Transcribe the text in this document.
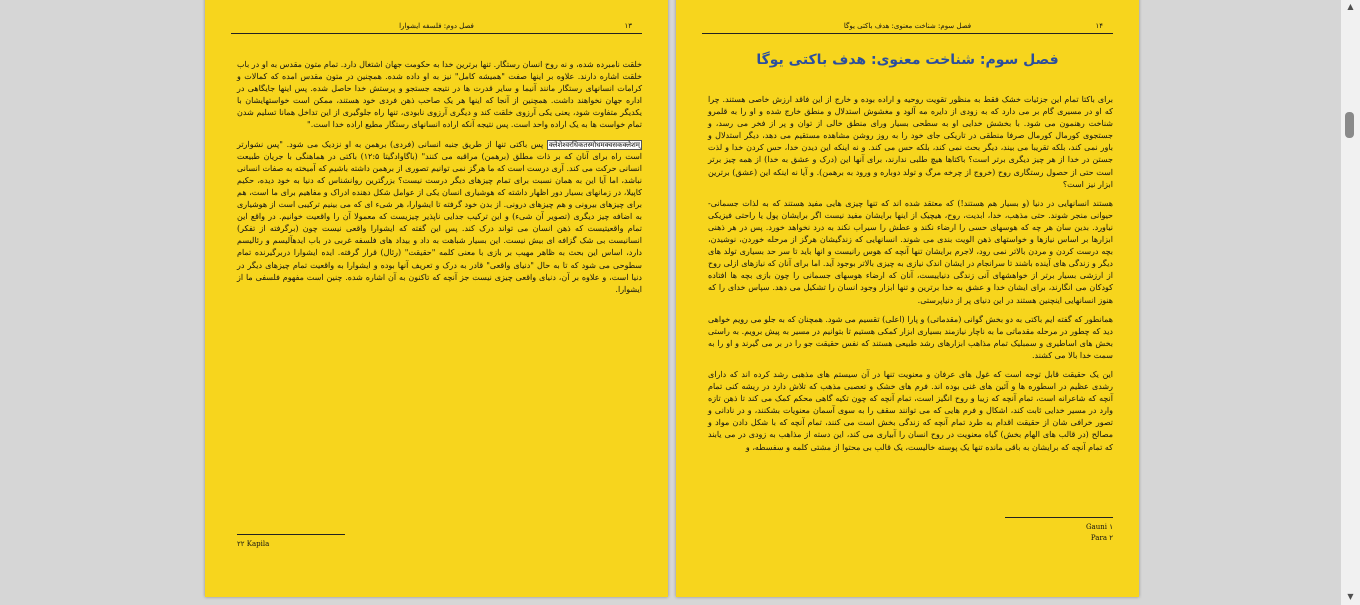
۱۳
فصل دوم: فلسفه ایشوارا

خلقت نامبرده شده، و نه روح انسان رستگار. تنها برترین خدا به حکومت جهان اشتغال دارد. تمام متون مقدس به او در باب خلقت اشاره دارند. علاوه بر اینها صفت "همیشه کامل" نیز به او داده شده. همچنین در متون مقدس امده که کمالات و کرامات انسانهای رستگار مانند آنیما و سایر قدرت ها در نتیجه جستجو و پرستش خدا حاصل شده. پس اینها جایگاهی در اداره جهان نخواهند داشت. همچنین از آنجا که اینها هر یک صاحب ذهن فردی خود هستند، ممکن است خواستهایشان با یکدیگر متفاوت شود، یعنی یکی آرزوی خلقت کند و دیگری آرزوی نابودی، تنها راه جلوگیری از این تداخل همانا تسلیم شدن تمام خواست ها به یک اراده واحد است. پس نتیجه آنکه اراده انسانهای رستگار مطیع اراده خدا است."

क्लेशेश्वरधिकतस्मोधमक्वसकक्लेशम् پس باکتی تنها از طریق جنبه انسانی (فردی) برهمن به او نزدیک می شود. "پس نشوارتر است راه برای آنان که بر ذات مطلق (برهمن) مراقبه می کنند" (باگاوادگیتا ۱۲:۵) باکتی در هماهنگی با جریان طبیعت انسانی حرکت می کند. آری درست است که ما هرگز نمی توانیم تصوری از برهمن داشته باشیم که آمیخته به صفات انسانی نباشد، اما آیا این به همان نسبت برای تمام چیزهای دیگر درست نیست؟ بزرگترین روانشناس که دنیا به خود دیده، حکیم کاپیلا، در زمانهای بسیار دور اظهار داشته که هوشیاری انسان یکی از عوامل شکل دهنده ادراک و مفاهیم برای ما است، هم برای چیزهای بیرونی و هم چیزهای درونی. از بدن خود گرفته تا ایشوارا، هر شیء ای که می بینیم ترکیبی است از هوشیاری به اضافه چیز دیگری (تصویر آن شیء) و این ترکیب جدایی ناپذیر چیزیست که معمولا آن را واقعیت خوانیم. در واقع این تمام واقعیتیست که ذهن انسان می تواند درک کند. پس این گفته که ایشوارا واقعی نیست چون (برگرفته از تفکر) انسانیست بی شک گزافه ای بیش نیست. این بسیار شباهت به داد و بیداد های فلسفه غربی در باب ایدهآلیسم و رئالیسم دارد، اساس این بحث به ظاهر مهیب بر بازی با معنی کلمه "حقیقت" (رئال) قرار گرفته. ایده ایشوارا دربرگیرنده تمام سطوحی می شود که تا به حال "دنیای واقعی" قادر به درک و تعریف آنها بوده و ایشوارا به واقعیت تمام چیزهای دیگر در دنیا است، و علاوه بر آن، دنیای واقعی چیزی نیست جز آنچه که تاکنون به آن اشاره شده. چنین است مفهوم فلسفی ما از ایشوارا.

۲۲ Kapila
۱۴
فصل سوم: شناخت معنوی: هدف باکتی یوگا
فصل سوم: شناخت معنوی: هدف باکتی یوگا

برای باکتا تمام این جزئیات خشک فقط به منظور تقویت روحیه و اراده بوده و خارج از این فاقد ارزش خاصی هستند. چرا که او در مسیری گام بر می دارد که به زودی از دایره مه آلود و مغشوش استدلال و منطق خارج شده و او را به قلمرو شناخت رهنمون می شود. با بخشش خدایی او به سطحی بسیار ورای منطق خالی از توان و پر از فخر می رسد، و جستجوی کورمال کورمال صرفا منطقی در تاریکی جای خود را به روز روشن مشاهده مستقیم می دهد، دیگر استدلال و باور نمی کند، بلکه تقریبا می بیند، دیگر بحث نمی کند، بلکه حس می کند. و نه اینکه این دیدن خدا، حس کردن خدا و لذت جستن در خدا از هر چیز دیگری برتر است؟ باکتاها هیچ طلبی ندارند، برای آنها این (درک و عشق به خدا) از همه چیز برتر است حتی از حصول رستگاری روح (خروج از چرخه مرگ و تولد دوباره و ورود به برهمن). و آیا نه اینکه این (عشق) برترین ابزار نیز است؟

هستند انسانهایی در دنیا (و بسیار هم هستند!) که معتقد شده اند که تنها چیزی هایی مفید هستند که به لذات جسمانی-حیوانی منجر شوند. حتی مذهب، خدا، ابدیت، روح، هیچیک از اینها برایشان مفید نیست اگر برایشان پول یا راحتی فیزیکی نیاورد. بدین سان هر چه که هوسهای حسی را ارضاء نکند و عطش را سیراب نکند به درد نخواهد خورد. پس در هر ذهنی ابزارها بر اساس نیازها و خواستهای ذهن الویت بندی می شوند. انسانهایی که زندگیشان هرگز از مرحله خوردن، نوشیدن، بچه درست کردن و مردن بالاتر نمی رود، لاجرم برایشان تنها آنچه که هوس رانیست و انها باید تا سر حد بسیاری تولد های دیگر و زندگی های آینده باشند تا سرانجام در ایشان اندک نیازی به چیزی بالاتر بوجود آید. اما برای آنان که نیازهای ازلی روح از ارزشی بسیار برتر از خواهشهای آنی زندگی دنیاییست، آنان که ارضاء هوسهای جسمانی را چون بازی بچه ها افتاده کودکان می انگارند، برای ایشان خدا و عشق به خدا برترین و تنها ابزار وجود انسان را تشکیل می دهد. سپاس خدای را که هنوز انسانهایی اینچنین هستند در این دنیای پر از دنیاپرستی.

همانطور که گفته ایم باکتی به دو بخش گوانی (مقدماتی) و پارا (اعلی) تقسیم می شود. همچنان که به جلو می رویم خواهی دید که چطور در مرحله مقدماتی ما به ناچار نیازمند بسیاری ابزار کمکی هستیم تا بتوانیم در مسیر به پیش برویم. به راستی بخش های اساطیری و سمبلیک تمام مذاهب ابزارهای رشد طبیعی هستند که نفس حقیقت جو را در بر می گیرند و او را به سمت خدا بالا می کشند.

این یک حقیقت قابل توجه است که غول های عرفان و معنویت تنها در آن سیستم های مذهبی رشد کرده اند که دارای رشدی عظیم در اسطوره ها و آئین های غنی بوده اند. فرم های خشک و تعصبی مذهب که تلاش دارد در ریشه کنی تمام آنچه که شاعرانه است، تمام آنچه که زیبا و روح انگیز است، تمام آنچه که چون تکیه گاهی محکم کمک می کند تا ذهن تازه وارد در مسیر خدایی ثابت کند، اشکال و فرم هایی که می توانند سقف را به سوی آسمان معنویات بشکنند، و در نادانی و تصور خرافی شان از حقیقت اقدام به طرد تمام آنچه که زندگی بخش است می کنند، تمام آنچه که با شکل دادن مواد و مصالح (در قالب های الهام بخش) گیاه معنویت در روح انسان را آبیاری می کند، این دسته از مذاهب به زودی در می یابند که تمام آنچه که برایشان به باقی مانده تنها یک پوسته خالیست، یک قالب بی محتوا از مشتی کلمه و سفسطه، و

۱ Gauni
۲ Para
▲
▼
